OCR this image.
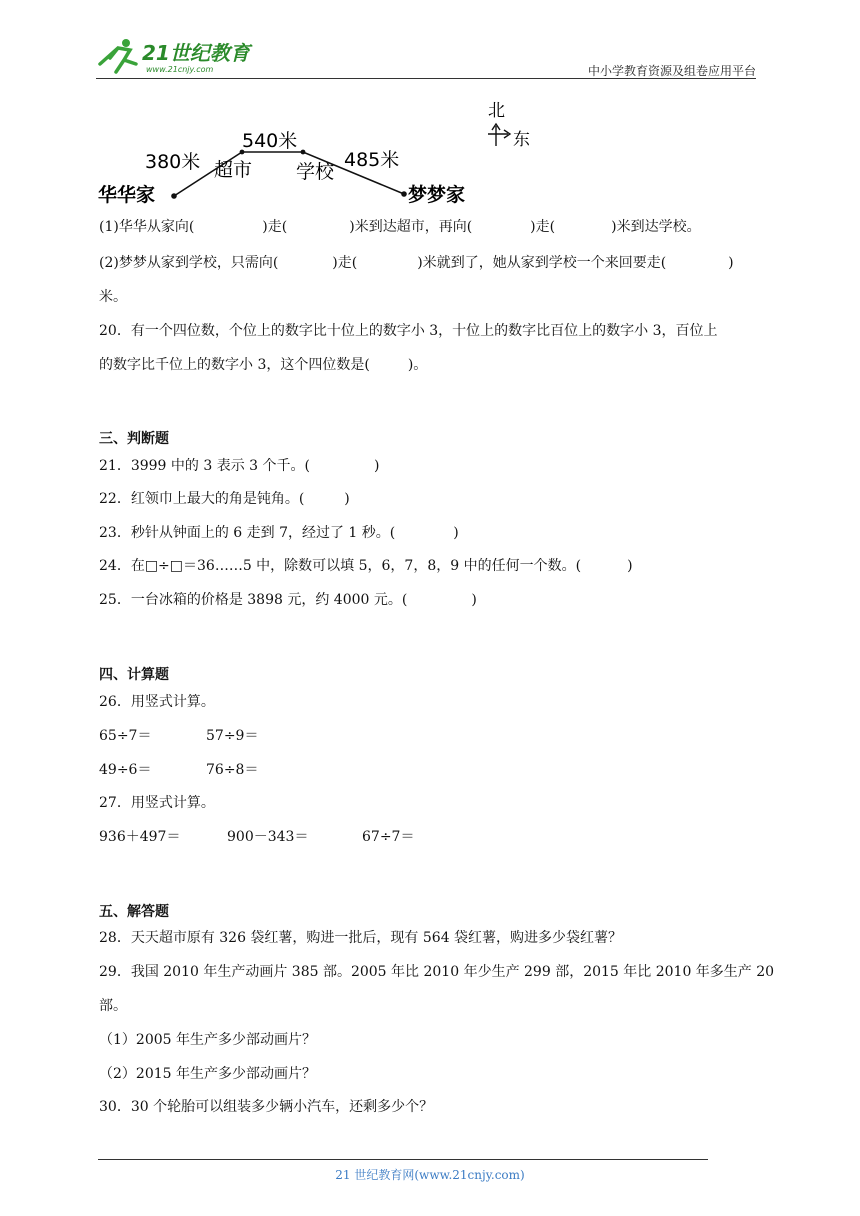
21世纪教育
www.21cnjy.com	中小学教育资源及组卷应用平台
380米
540米
485米
超市 学校
华华家	梦梦家
北
东
(1)华华从家向(	)走(	)米到达超市，再向(	)走(	)米到达学校。
(2)梦梦从家到学校，只需向(	)走(	)米就到了，她从家到学校一个来回要走(	)
米。
20．有一个四位数，个位上的数字比十位上的数字小 3，十位上的数字比百位上的数字小 3，百位上
的数字比千位上的数字小 3，这个四位数是(	)。
三、判断题
21．3999 中的 3 表示 3 个千。(	)
22．红领巾上最大的角是钝角。(	)
23．秒针从钟面上的 6 走到 7，经过了 1 秒。(	)
24．在□÷□＝36……5 中，除数可以填 5，6，7，8，9 中的任何一个数。(	)
25．一台冰箱的价格是 3898 元，约 4000 元。(	)
四、计算题
26．用竖式计算。
65÷7＝	57÷9＝
49÷6＝	76÷8＝
27．用竖式计算。
936＋497＝	900－343＝	67÷7＝
五、解答题
28．天天超市原有 326 袋红薯，购进一批后，现有 564 袋红薯，购进多少袋红薯？
29．我国 2010 年生产动画片 385 部。2005 年比 2010 年少生产 299 部，2015 年比 2010 年多生产 20
部。
（1）2005 年生产多少部动画片？
（2）2015 年生产多少部动画片？
30．30 个轮胎可以组装多少辆小汽车，还剩多少个？
21 世纪教育网(www.21cnjy.com)
